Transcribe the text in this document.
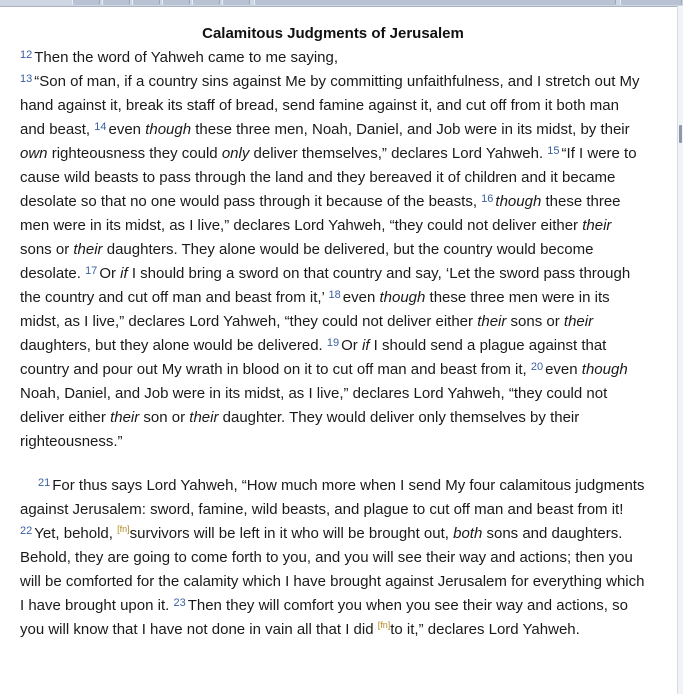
Calamitous Judgments of Jerusalem

$^{12}$ Then the word of Yahweh came to me saying,

$^{13}$ “Son of man, if a country sins against Me by committing unfaithfulness, and I stretch out My hand against it, break its staff of bread, send famine against it, and cut off from it both man and beast, $^{14}$ even though these three men, Noah, Daniel, and Job were in its midst, by their own righteousness they could only deliver themselves,” declares Lord Yahweh. $^{15}$ “If I were to cause wild beasts to pass through the land and they bereaved it of children and it became desolate so that no one would pass through it because of the beasts, $^{16}$ though these three men were in its midst, as I live,” declares Lord Yahweh, “they could not deliver either their sons or their daughters. They alone would be delivered, but the country would become desolate. $^{17}$ Or if I should bring a sword on that country and say, ‘Let the sword pass through the country and cut off man and beast from it,’ $^{18}$ even though these three men were in its midst, as I live,” declares Lord Yahweh, “they could not deliver either their sons or their daughters, but they alone would be delivered. $^{19}$ Or if I should send a plague against that country and pour out My wrath in blood on it to cut off man and beast from it, $^{20}$ even though Noah, Daniel, and Job were in its midst, as I live,” declares Lord Yahweh, “they could not deliver either their son or their daughter. They would deliver only themselves by their righteousness.”

$^{21}$ For thus says Lord Yahweh, “How much more when I send My four calamitous judgments against Jerusalem: sword, famine, wild beasts, and plague to cut off man and beast from it! $^{22}$ Yet, behold, [fn]survivors will be left in it who will be brought out, both sons and daughters. Behold, they are going to come forth to you, and you will see their way and actions; then you will be comforted for the calamity which I have brought against Jerusalem for everything which I have brought upon it. $^{23}$ Then they will comfort you when you see their way and actions, so you will know that I have not done in vain all that I did [fn]to it,” declares Lord Yahweh.
